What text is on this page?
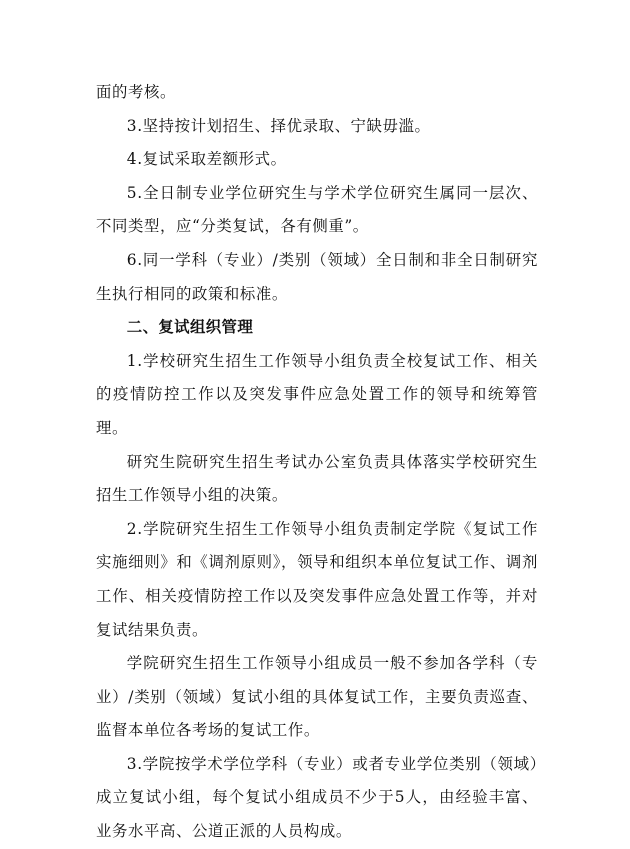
面的考核。

3.坚持按计划招生、择优录取、宁缺毋滥。

4.复试采取差额形式。

5.全日制专业学位研究生与学术学位研究生属同一层次、不同类型，应“分类复试，各有侧重”。

6.同一学科（专业）/类别（领域）全日制和非全日制研究生执行相同的政策和标准。

二、复试组织管理

1.学校研究生招生工作领导小组负责全校复试工作、相关的疫情防控工作以及突发事件应急处置工作的领导和统筹管理。

研究生院研究生招生考试办公室负责具体落实学校研究生招生工作领导小组的决策。

2.学院研究生招生工作领导小组负责制定学院《复试工作实施细则》和《调剂原则》，领导和组织本单位复试工作、调剂工作、相关疫情防控工作以及突发事件应急处置工作等，并对复试结果负责。

学院研究生招生工作领导小组成员一般不参加各学科（专业）/类别（领域）复试小组的具体复试工作，主要负责巡查、监督本单位各考场的复试工作。

3.学院按学术学位学科（专业）或者专业学位类别（领域）成立复试小组，每个复试小组成员不少于5人，由经验丰富、业务水平高、公道正派的人员构成。
